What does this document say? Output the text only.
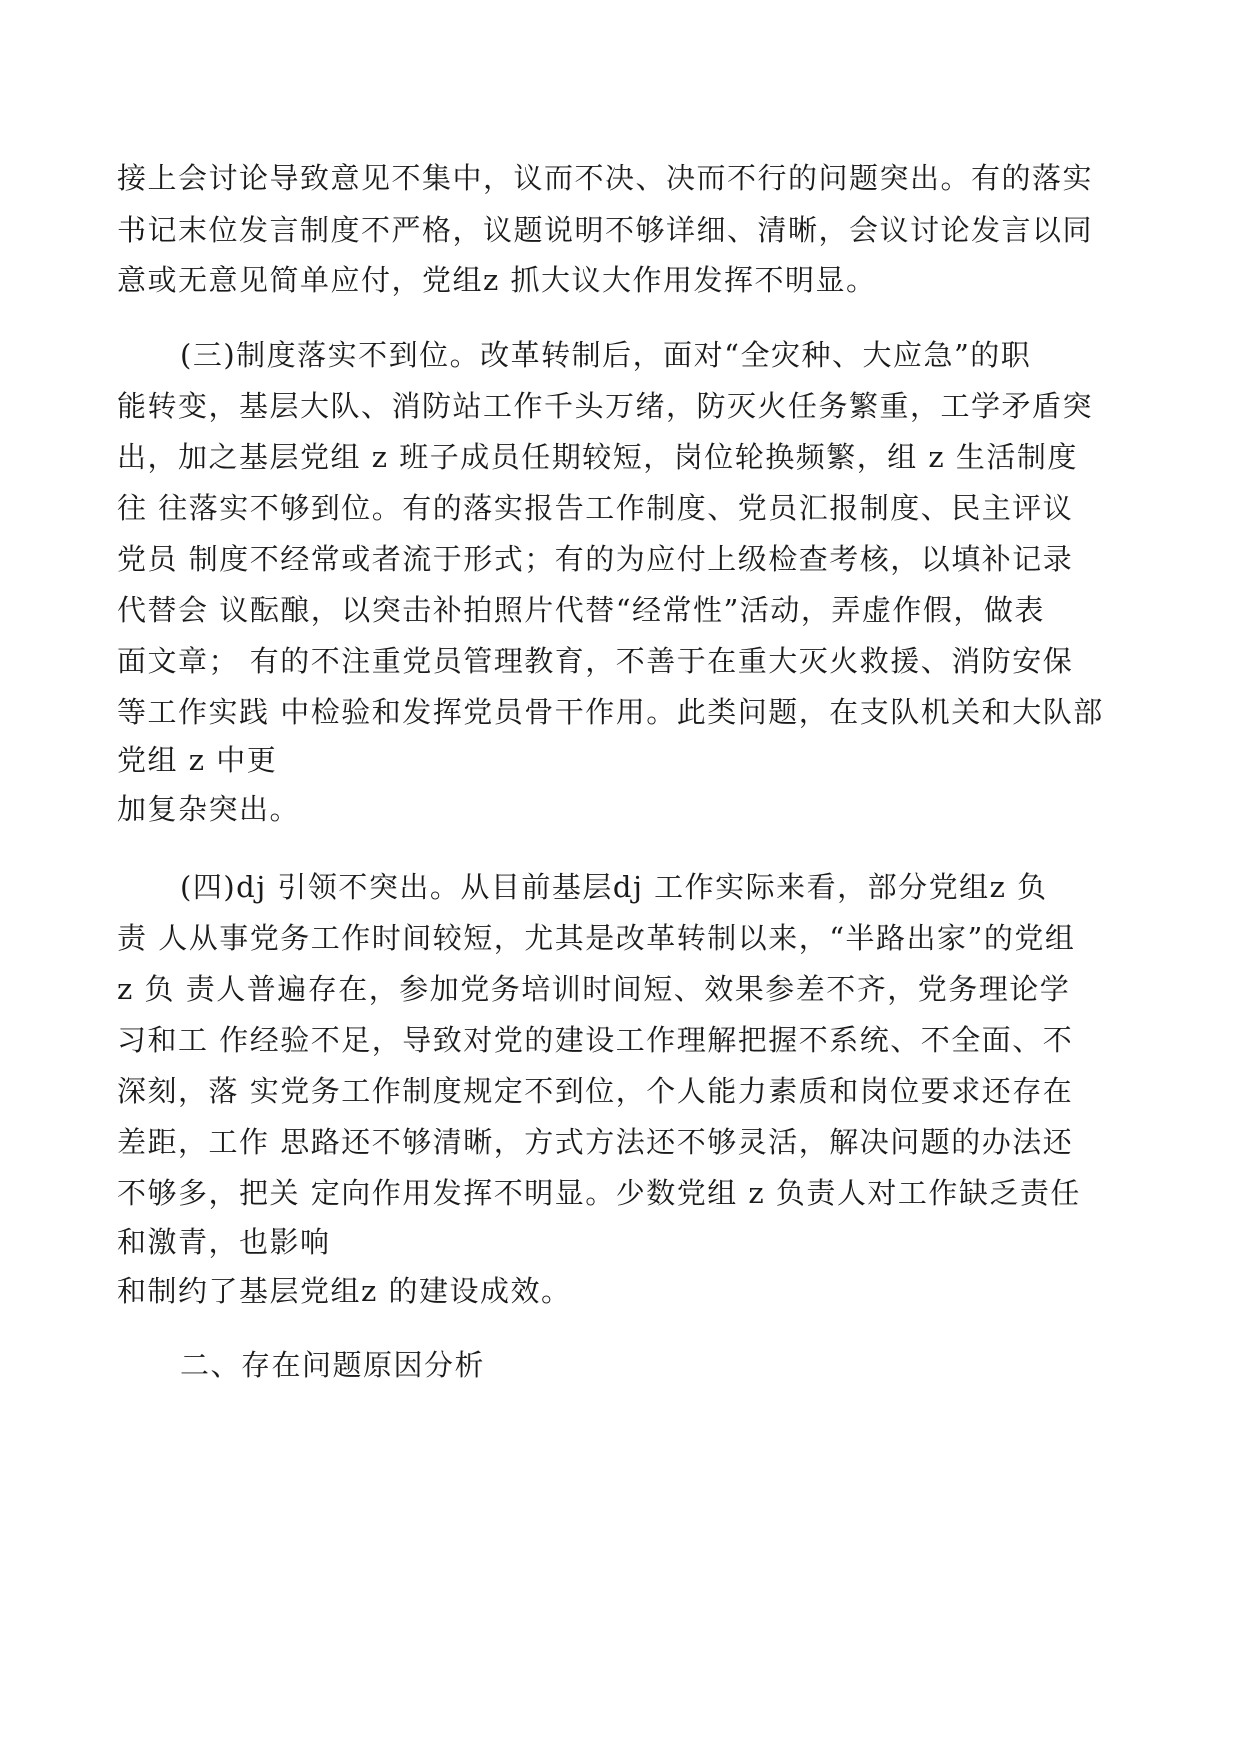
接上会讨论导致意见不集中，议而不决、决而不行的问题突出。有的落实
书记末位发言制度不严格，议题说明不够详细、清晰，会议讨论发言以同
意或无意见简单应付，党组z 抓大议大作用发挥不明显。
(三)制度落实不到位。改革转制后，面对“全灾种、大应急”的职
能转变，基层大队、消防站工作千头万绪，防灭火任务繁重，工学矛盾突
出，加之基层党组 z 班子成员任期较短，岗位轮换频繁，组 z 生活制度
往 往落实不够到位。有的落实报告工作制度、党员汇报制度、民主评议
党员 制度不经常或者流于形式；有的为应付上级检查考核，以填补记录
代替会 议酝酿，以突击补拍照片代替“经常性”活动，弄虚作假，做表
面文章； 有的不注重党员管理教育，不善于在重大灭火救援、消防安保
等工作实践 中检验和发挥党员骨干作用。此类问题，在支队机关和大队部
党组 z 中更
加复杂突出。
(四)dj 引领不突出。从目前基层dj 工作实际来看，部分党组z 负
责 人从事党务工作时间较短，尤其是改革转制以来，“半路出家”的党组
z 负 责人普遍存在，参加党务培训时间短、效果参差不齐，党务理论学
习和工 作经验不足，导致对党的建设工作理解把握不系统、不全面、不
深刻，落 实党务工作制度规定不到位，个人能力素质和岗位要求还存在
差距，工作 思路还不够清晰，方式方法还不够灵活，解决问题的办法还
不够多，把关 定向作用发挥不明显。少数党组 z 负责人对工作缺乏责任
和激青，也影响
和制约了基层党组z 的建设成效。
二、存在问题原因分析
